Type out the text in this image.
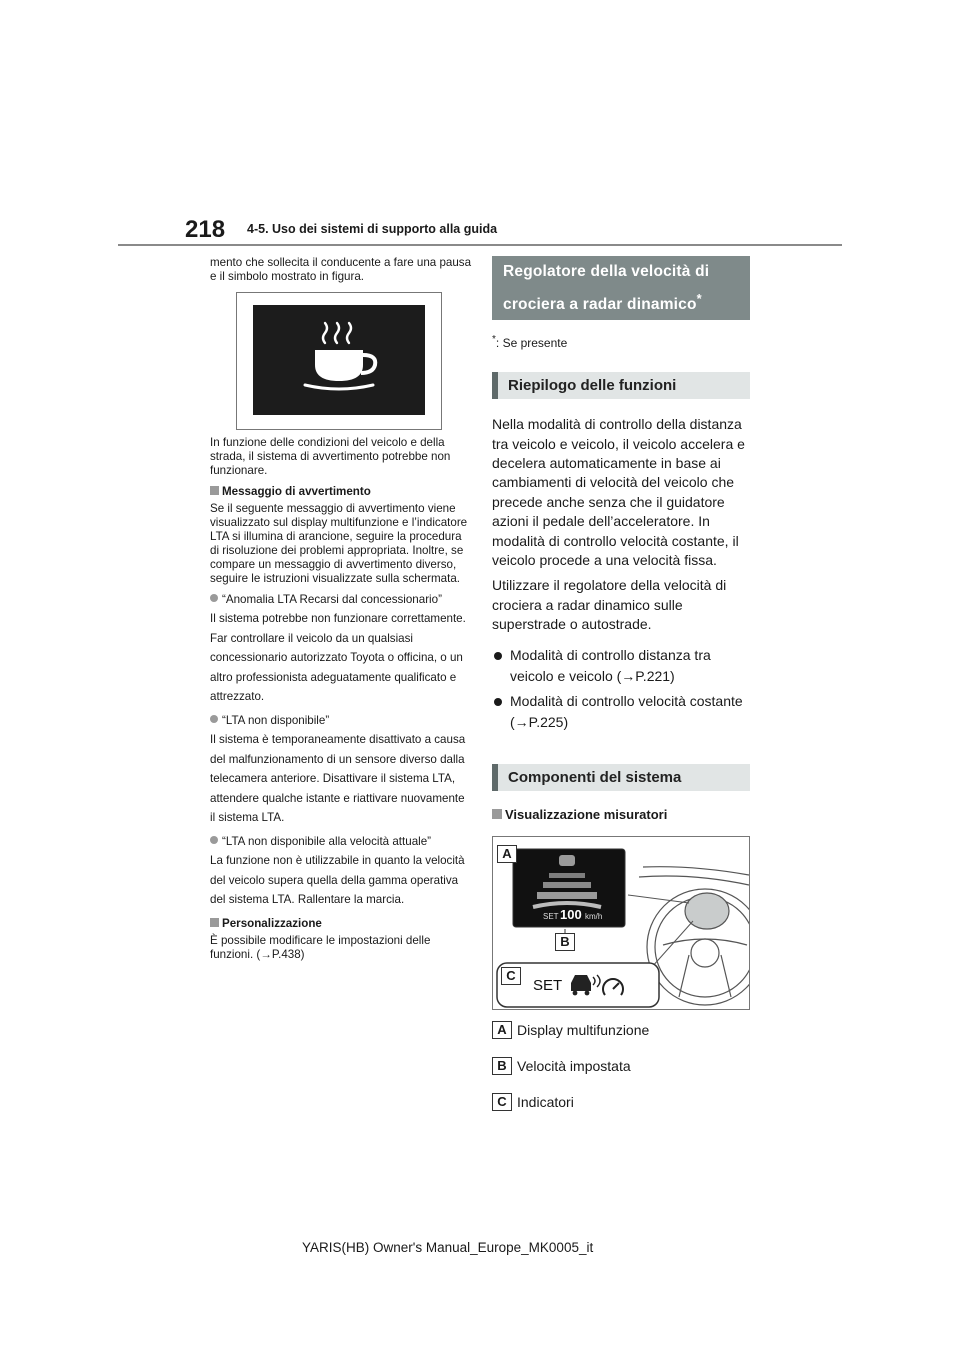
218 4-5. Uso dei sistemi di supporto alla guida

mento che sollecita il conducente a fare una pausa e il simbolo mostrato in figura.

In funzione delle condizioni del veicolo e della strada, il sistema di avvertimento potrebbe non funzionare.

Messaggio di avvertimento

Se il seguente messaggio di avvertimento viene visualizzato sul display multifunzione e l’indicatore LTA si illumina di arancione, seguire la procedura di risoluzione dei problemi appropriata. Inoltre, se compare un messaggio di avvertimento diverso, seguire le istruzioni visualizzate sulla schermata.

“Anomalia LTA Recarsi dal concessionario”

Il sistema potrebbe non funzionare correttamente. Far controllare il veicolo da un qualsiasi concessionario autorizzato Toyota o officina, o un altro professionista adeguatamente qualificato e attrezzato.

“LTA non disponibile”

Il sistema è temporaneamente disattivato a causa del malfunzionamento di un sensore diverso dalla telecamera anteriore. Disattivare il sistema LTA, attendere qualche istante e riattivare nuovamente il sistema LTA.

“LTA non disponibile alla velocità attuale”

La funzione non è utilizzabile in quanto la velocità del veicolo supera quella della gamma operativa del sistema LTA. Rallentare la marcia.

Personalizzazione

È possibile modificare le impostazioni delle funzioni. (→P.438)

Regolatore della velocità di crociera a radar dinamico*

*: Se presente

Riepilogo delle funzioni

Nella modalità di controllo della distanza tra veicolo e veicolo, il veicolo accelera e decelera automaticamente in base ai cambiamenti di velocità del veicolo che precede anche senza che il guidatore azioni il pedale dell’acceleratore. In modalità di controllo velocità costante, il veicolo procede a una velocità fissa.

Utilizzare il regolatore della velocità di crociera a radar dinamico sulle superstrade o autostrade.

Modalità di controllo distanza tra veicolo e veicolo (→P.221)
Modalità di controllo velocità costante (→P.225)
Componenti del sistema
Visualizzazione misuratori
A
B
C
SET 100 km/h
SET
A Display multifunzione
B Velocità impostata
C Indicatori
YARIS(HB) Owner's Manual_Europe_MK0005_it
